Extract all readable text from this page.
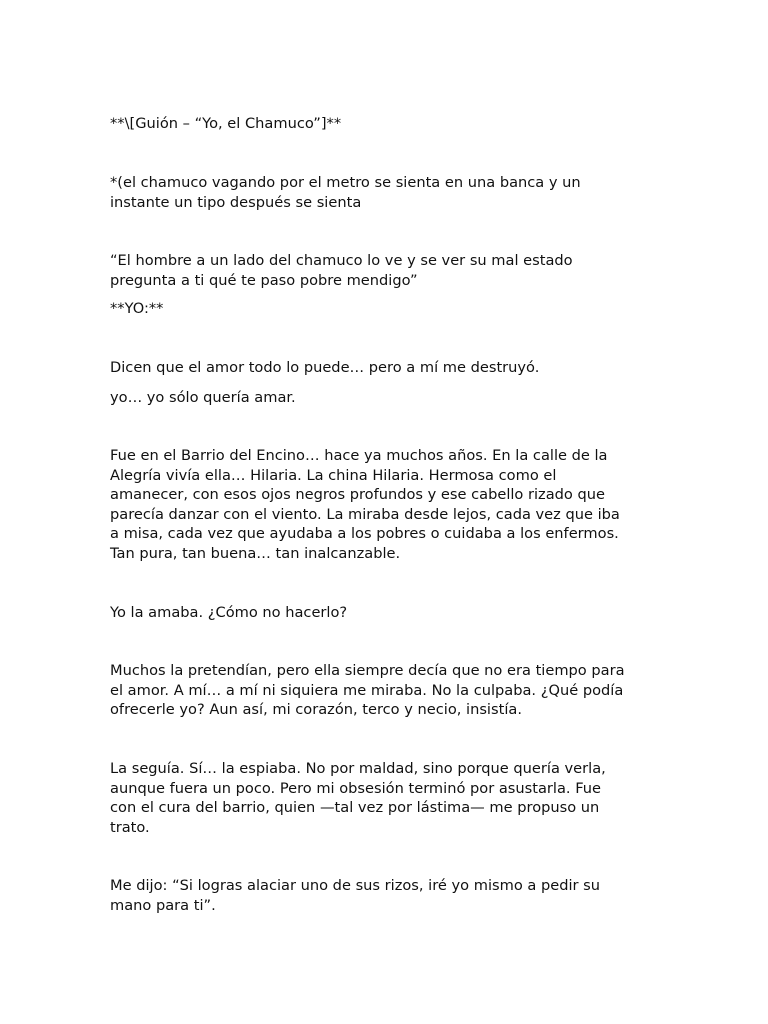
**\[Guión – “Yo, el Chamuco”]**

*(el chamuco vagando por el metro se sienta en una banca y un
instante un tipo después se sienta

“El hombre a un lado del chamuco lo ve y se ver su mal estado
pregunta a ti qué te paso pobre mendigo”

**YO:**

Dicen que el amor todo lo puede… pero a mí me destruyó.

yo… yo sólo quería amar.

Fue en el Barrio del Encino… hace ya muchos años. En la calle de la
Alegría vivía ella… Hilaria. La china Hilaria. Hermosa como el
amanecer, con esos ojos negros profundos y ese cabello rizado que
parecía danzar con el viento. La miraba desde lejos, cada vez que iba
a misa, cada vez que ayudaba a los pobres o cuidaba a los enfermos.
Tan pura, tan buena… tan inalcanzable.

Yo la amaba. ¿Cómo no hacerlo?

Muchos la pretendían, pero ella siempre decía que no era tiempo para
el amor. A mí… a mí ni siquiera me miraba. No la culpaba. ¿Qué podía
ofrecerle yo? Aun así, mi corazón, terco y necio, insistía.

La seguía. Sí… la espiaba. No por maldad, sino porque quería verla,
aunque fuera un poco. Pero mi obsesión terminó por asustarla. Fue
con el cura del barrio, quien —tal vez por lástima— me propuso un
trato.

Me dijo: “Si logras alaciar uno de sus rizos, iré yo mismo a pedir su
mano para ti”.
